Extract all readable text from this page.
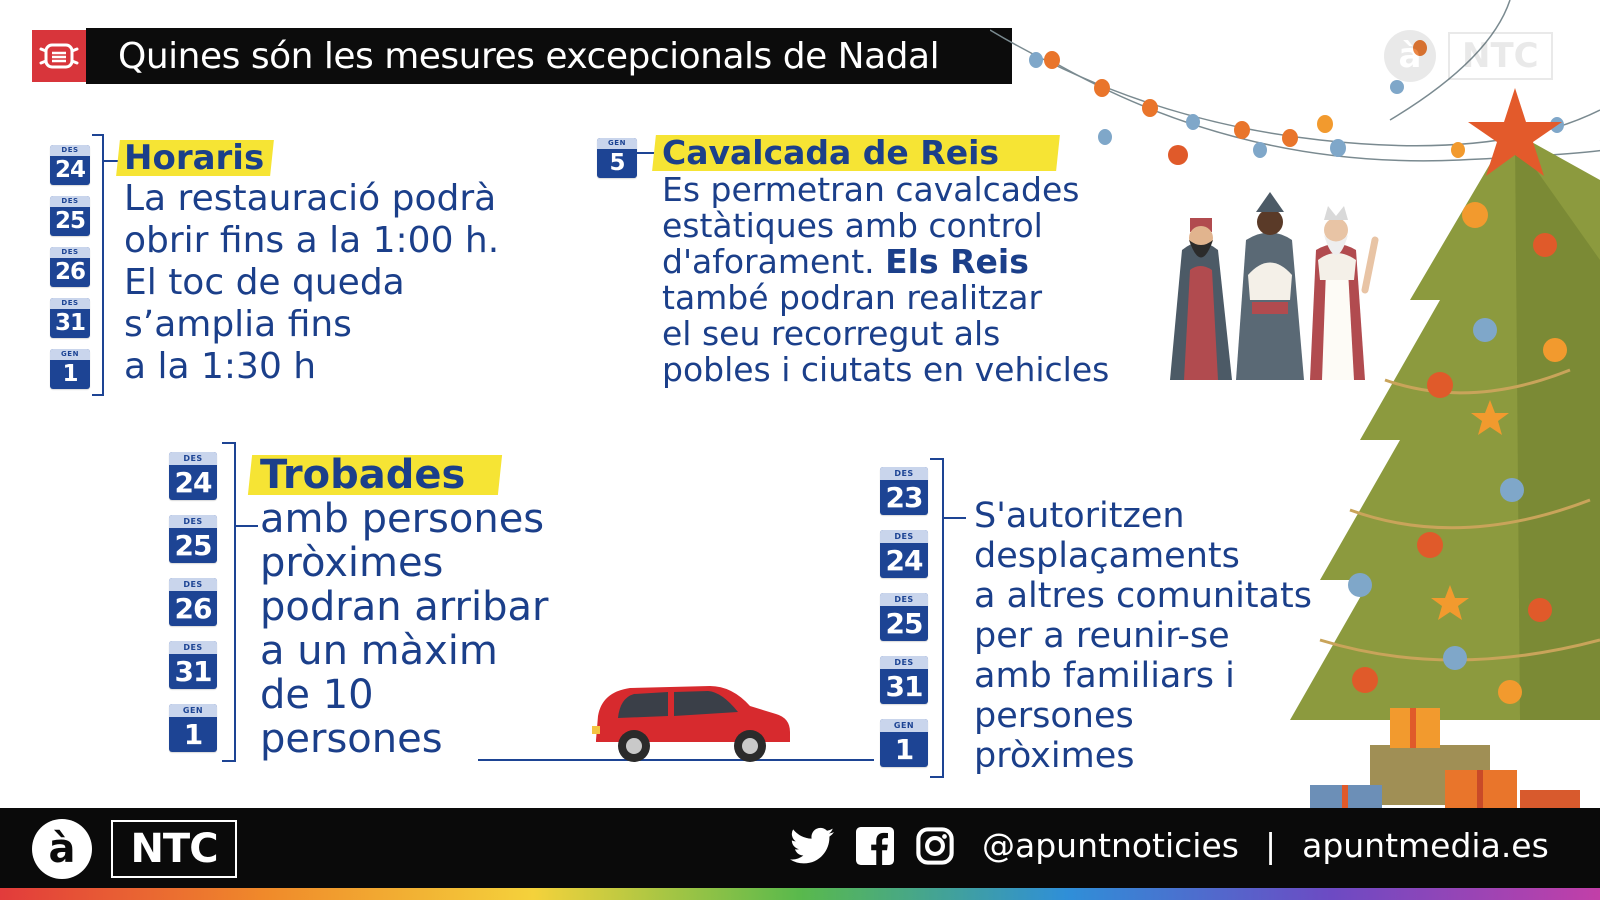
Quines són les mesures excepcionals de Nadal	à	NTC
DES
24
DES
25
DES
26
DES
31
GEN
1
Horaris
La restauració podrà
obrir fins a la 1:00 h.
El toc de queda
s’amplia fins
a la 1:30 h
GEN
5	Cavalcada de Reis
Es permetran cavalcades
estàtiques amb control
d'aforament. Els Reis
també podran realitzar
el seu recorregut als
pobles i ciutats en vehicles
DES
24
DES
25
DES
26
DES
31
GEN
1
Trobades
amb persones
pròximes
podran arribar
a un màxim
de 10
persones
DES
23
DES
24
DES
25
DES
31
GEN
1
S'autoritzen
desplaçaments
a altres comunitats
per a reunir-se
amb familiars i
persones
pròximes
à	NTC	@apuntnoticies | apuntmedia.es
